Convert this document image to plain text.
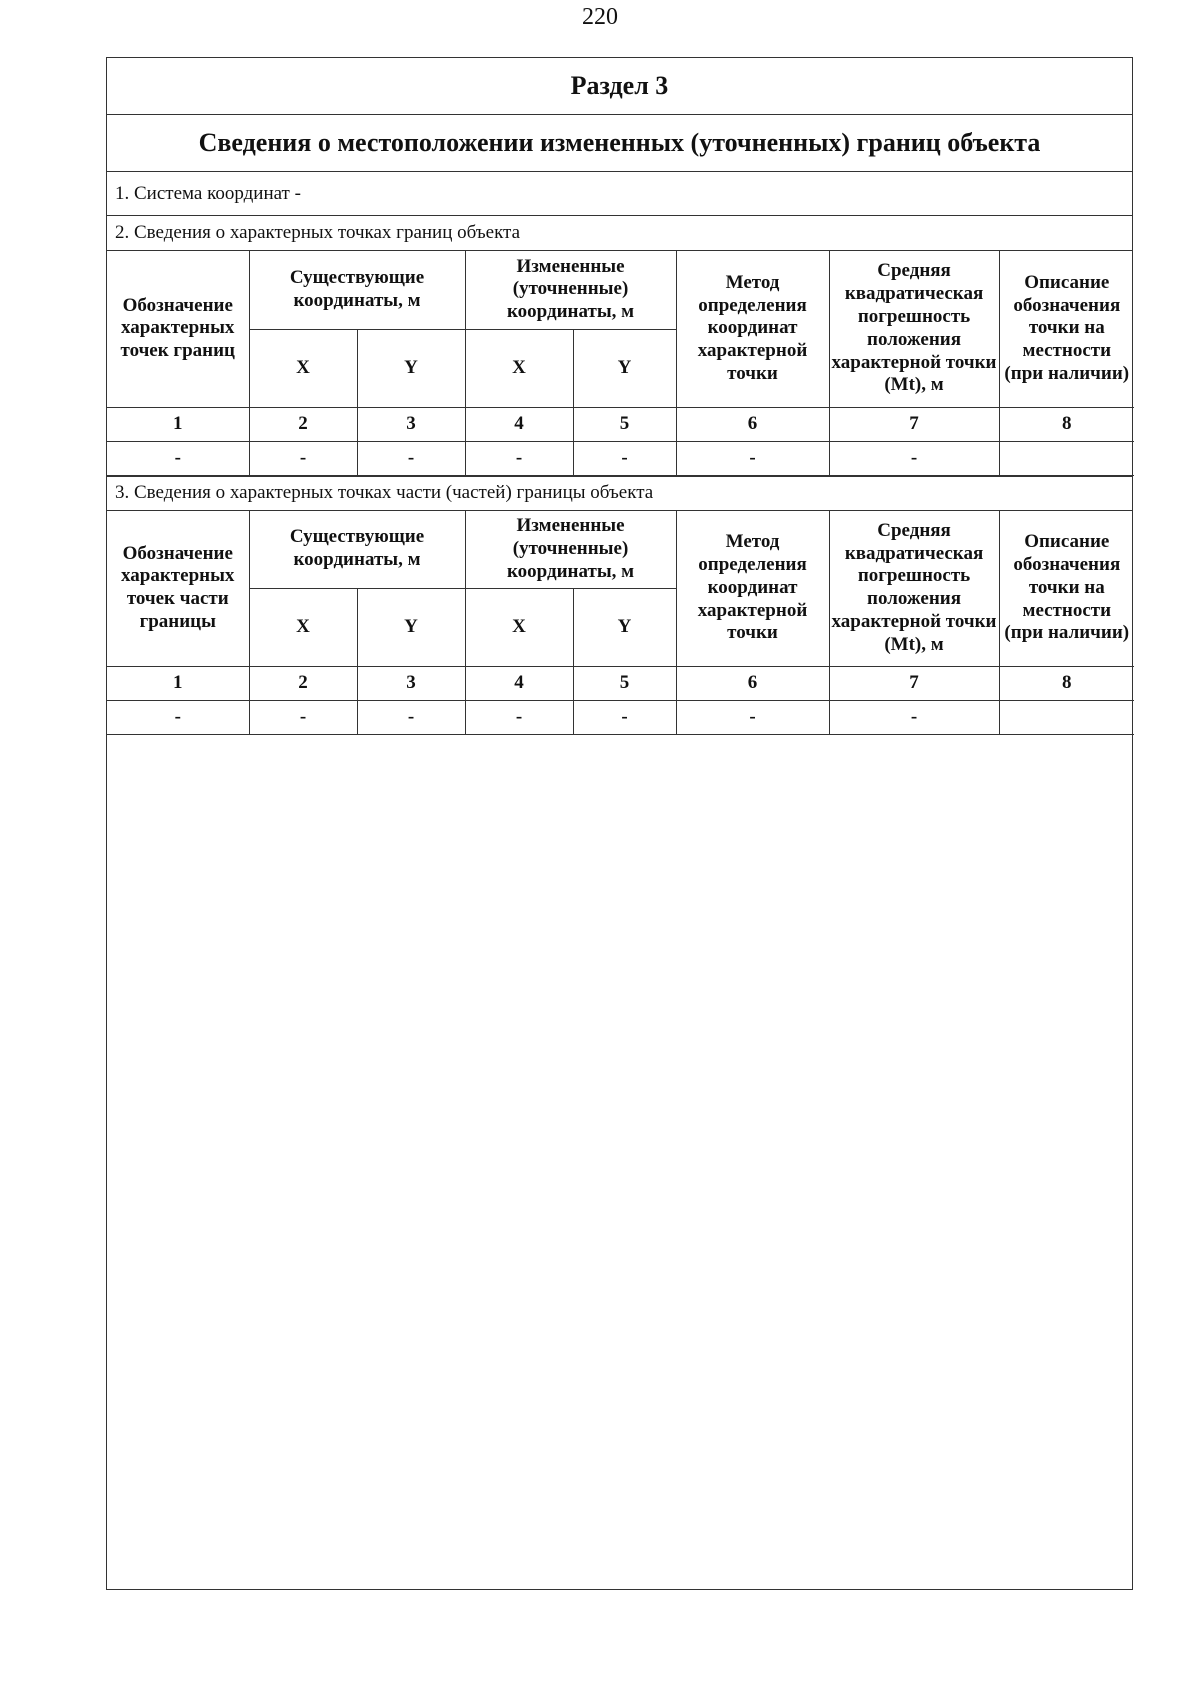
220
Раздел 3
Сведения о местоположении измененных (уточненных) границ объекта
1. Система координат -
2. Сведения о характерных точках границ объекта
Обозначение характерных точек границ	Существующие координаты, м		Измененные (уточненные) координаты, м		Метод определения координат характерной точки	Средняя квадратическая погрешность положения характерной точки (Mt), м	Описание обозначения точки на местности (при наличии)
	X	Y	X	Y			
1	2	3	4	5	6	7	8
-	-	-	-	-	-	-	
3. Сведения о характерных точках части (частей) границы объекта
Обозначение характерных точек части границы	Существующие координаты, м		Измененные (уточненные) координаты, м		Метод определения координат характерной точки	Средняя квадратическая погрешность положения характерной точки (Mt), м	Описание обозначения точки на местности (при наличии)
	X	Y	X	Y			
1	2	3	4	5	6	7	8
-	-	-	-	-	-	-	
